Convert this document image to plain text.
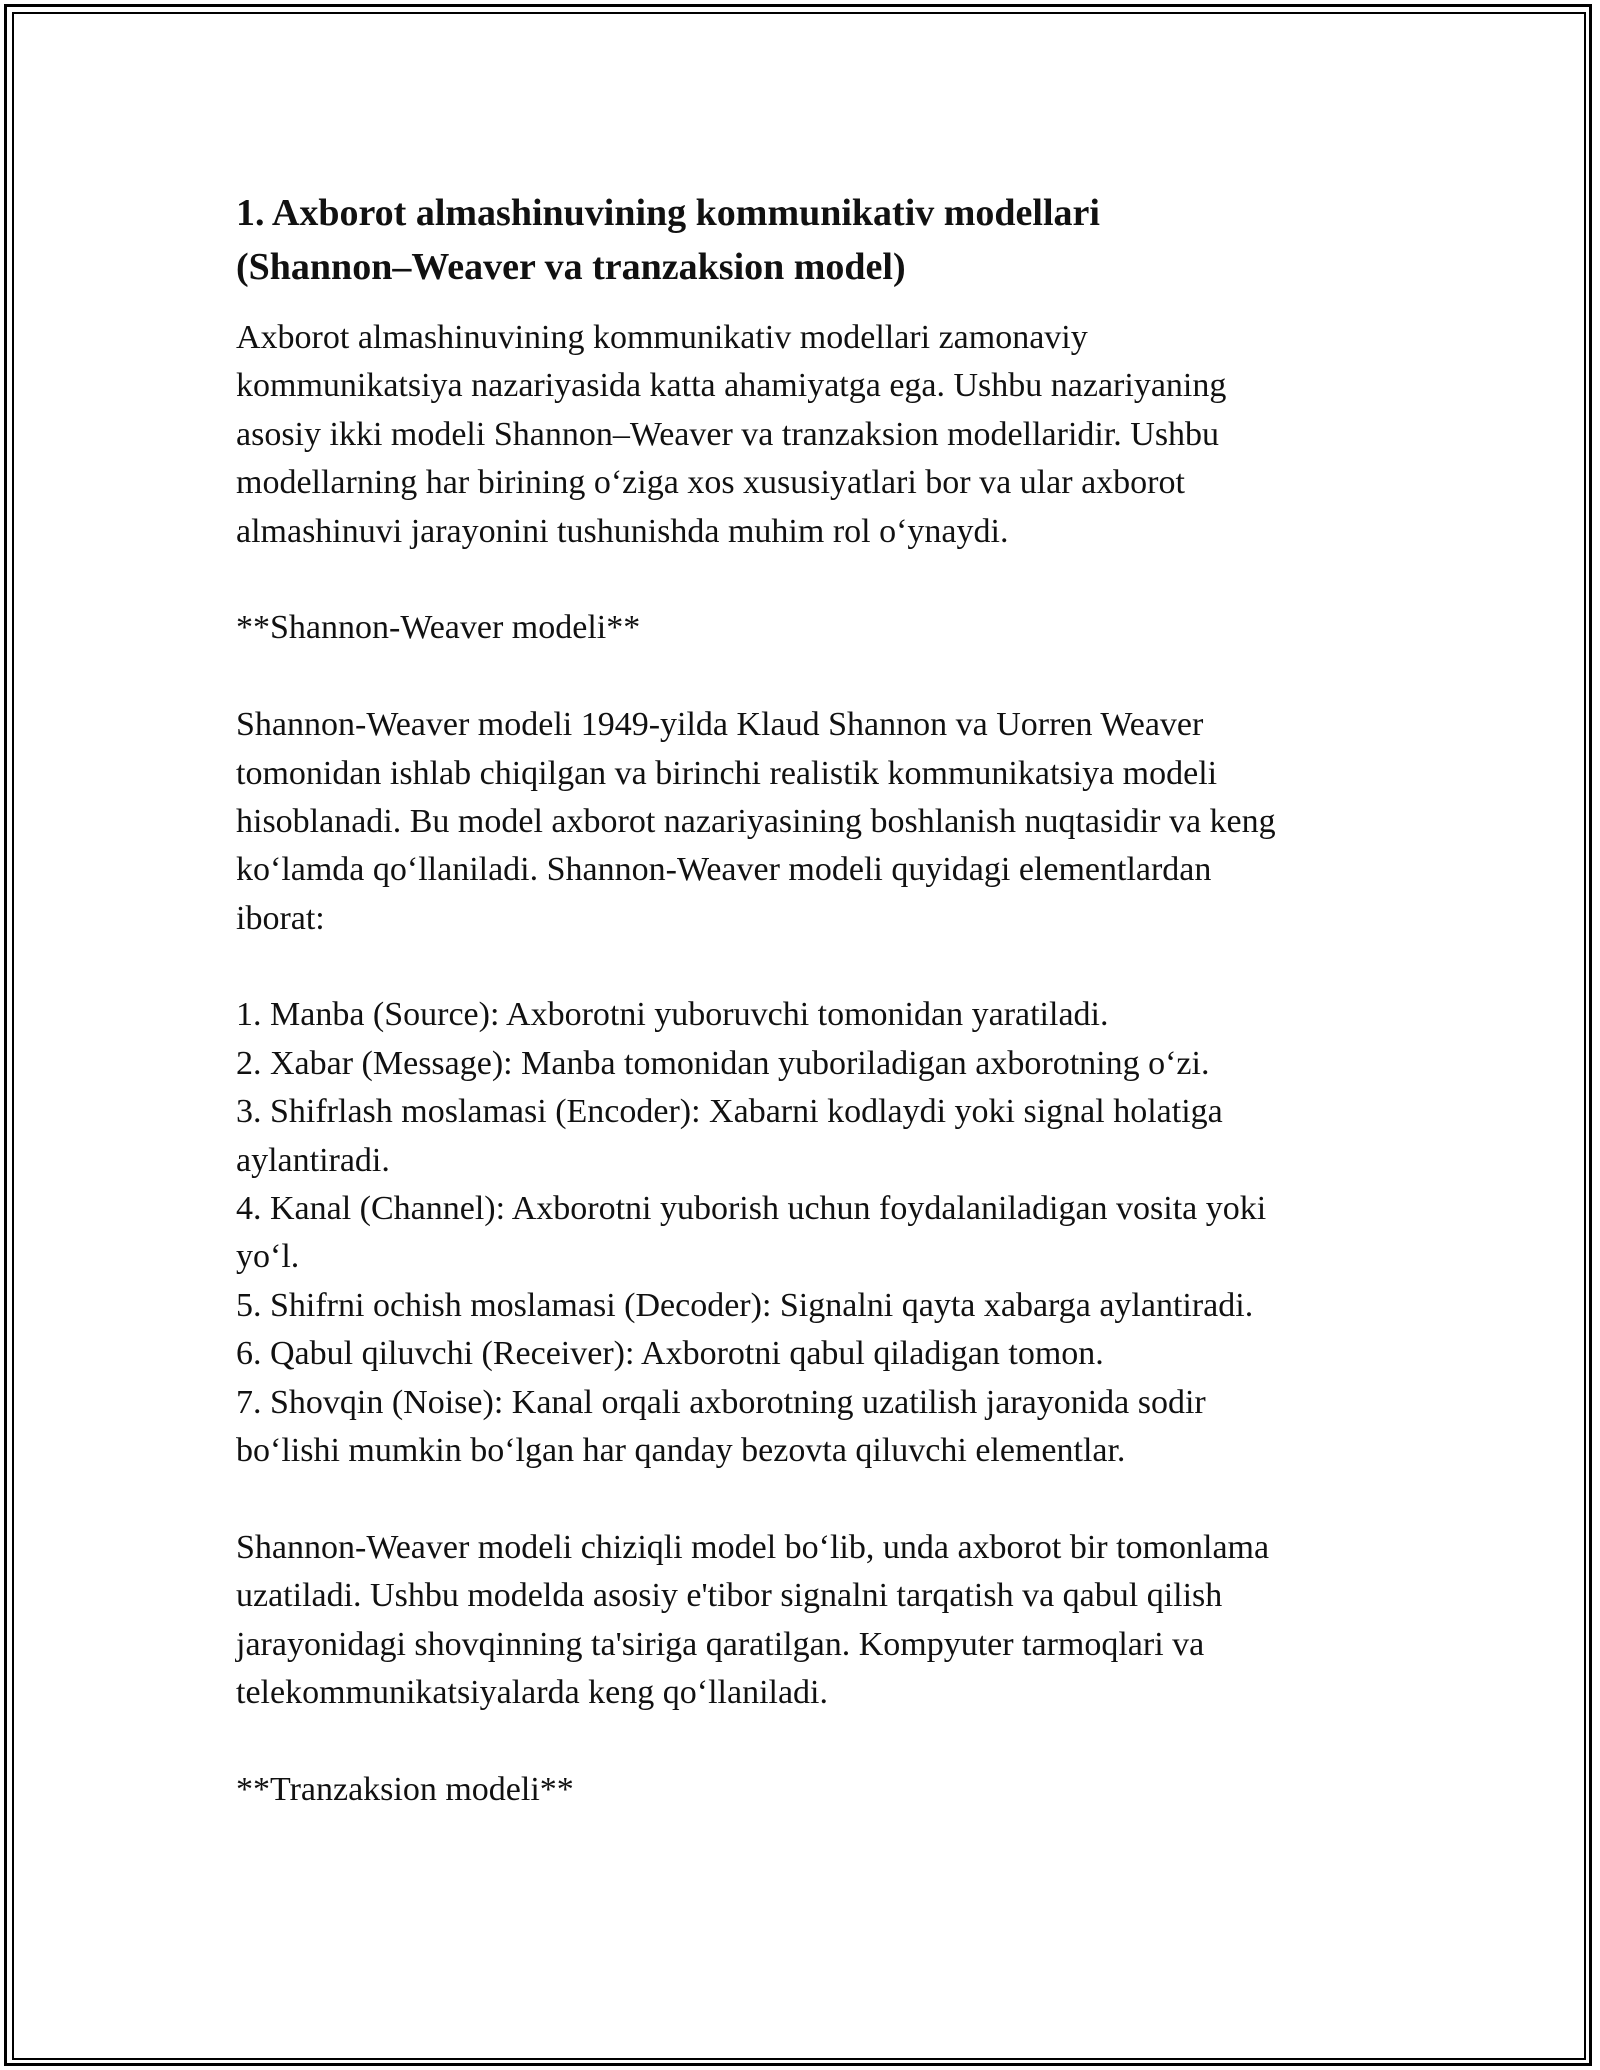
1. Axborot almashinuvining kommunikativ modellari
(Shannon–Weaver va tranzaksion model)
Axborot almashinuvining kommunikativ modellari zamonaviy
kommunikatsiya nazariyasida katta ahamiyatga ega. Ushbu nazariyaning
asosiy ikki modeli Shannon–Weaver va tranzaksion modellaridir. Ushbu
modellarning har birining o‘ziga xos xususiyatlari bor va ular axborot
almashinuvi jarayonini tushunishda muhim rol o‘ynaydi.
**Shannon-Weaver modeli**
Shannon-Weaver modeli 1949-yilda Klaud Shannon va Uorren Weaver
tomonidan ishlab chiqilgan va birinchi realistik kommunikatsiya modeli
hisoblanadi. Bu model axborot nazariyasining boshlanish nuqtasidir va keng
ko‘lamda qo‘llaniladi. Shannon-Weaver modeli quyidagi elementlardan
iborat:
1. Manba (Source): Axborotni yuboruvchi tomonidan yaratiladi.
2. Xabar (Message): Manba tomonidan yuboriladigan axborotning o‘zi.
3. Shifrlash moslamasi (Encoder): Xabarni kodlaydi yoki signal holatiga
aylantiradi.
4. Kanal (Channel): Axborotni yuborish uchun foydalaniladigan vosita yoki
yo‘l.
5. Shifrni ochish moslamasi (Decoder): Signalni qayta xabarga aylantiradi.
6. Qabul qiluvchi (Receiver): Axborotni qabul qiladigan tomon.
7. Shovqin (Noise): Kanal orqali axborotning uzatilish jarayonida sodir
bo‘lishi mumkin bo‘lgan har qanday bezovta qiluvchi elementlar.
Shannon-Weaver modeli chiziqli model bo‘lib, unda axborot bir tomonlama
uzatiladi. Ushbu modelda asosiy e'tibor signalni tarqatish va qabul qilish
jarayonidagi shovqinning ta'siriga qaratilgan. Kompyuter tarmoqlari va
telekommunikatsiyalarda keng qo‘llaniladi.
**Tranzaksion modeli**
